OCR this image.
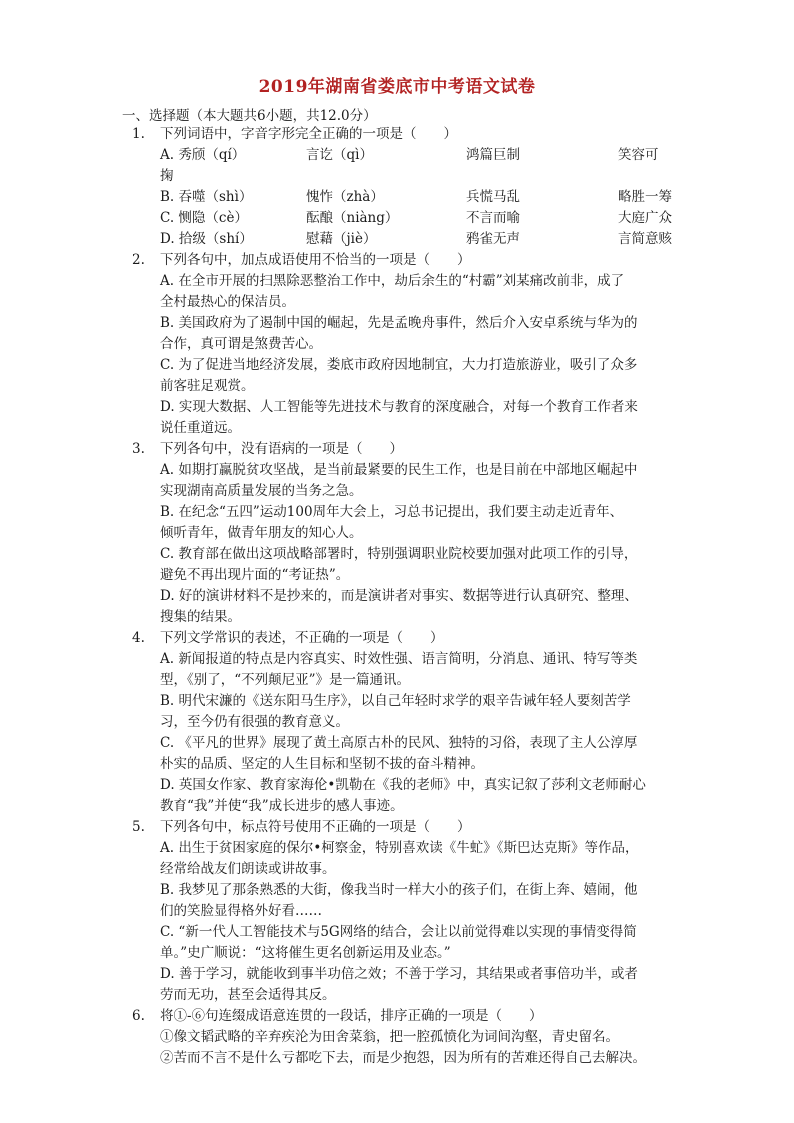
2019年湖南省娄底市中考语文试卷
一、选择题（本大题共6小题，共12.0分）
1.	下列词语中，字音字形完全正确的一项是（　　）
A. 秀颀（qí）	言讫（qì）	鸿篇巨制	笑容可
掬
B. 吞噬（shì）	愧怍（zhà）	兵慌马乱	略胜一筹
C. 恻隐（cè）	酝酿（niàng）	不言而喻	大庭广众
D. 拾级（shí）	慰藉（jiè）	鸦雀无声	言简意赅
2.	下列各句中，加点成语使用不恰当的一项是（　　）
A. 在全市开展的扫黑除恶整治工作中，劫后余生的“村霸”刘某痛改前非，成了
全村最热心的保洁员。
B. 美国政府为了遏制中国的崛起，先是孟晚舟事件，然后介入安卓系统与华为的
合作，真可谓是煞费苦心。
C. 为了促进当地经济发展，娄底市政府因地制宜，大力打造旅游业，吸引了众多
前客驻足观赏。
D. 实现大数据、人工智能等先进技术与教育的深度融合，对每一个教育工作者来
说任重道远。
3.	下列各句中，没有语病的一项是（　　）
A. 如期打赢脱贫攻坚战，是当前最紧要的民生工作，也是目前在中部地区崛起中
实现湖南高质量发展的当务之急。
B. 在纪念“五四”运动100周年大会上，习总书记提出，我们要主动走近青年、
倾听青年，做青年朋友的知心人。
C. 教育部在做出这项战略部署时，特别强调职业院校要加强对此项工作的引导，
避免不再出现片面的“考证热”。
D. 好的演讲材料不是抄来的，而是演讲者对事实、数据等进行认真研究、整理、
搜集的结果。
4.	下列文学常识的表述，不正确的一项是（　　）
A. 新闻报道的特点是内容真实、时效性强、语言简明，分消息、通讯、特写等类
型，《别了，“不列颠尼亚”》是一篇通讯。
B. 明代宋濂的《送东阳马生序》，以自己年轻时求学的艰辛告诫年轻人要刻苦学
习，至今仍有很强的教育意义。
C. 《平凡的世界》展现了黄土高原古朴的民风、独特的习俗，表现了主人公淳厚
朴实的品质、坚定的人生目标和坚韧不拔的奋斗精神。
D. 英国女作家、教育家海伦•凯勒在《我的老师》中，真实记叙了莎利文老师耐心
教育“我”并使“我”成长进步的感人事迹。
5.	下列各句中，标点符号使用不正确的一项是（　　）
A. 出生于贫困家庭的保尔•柯察金，特别喜欢读《牛虻》《斯巴达克斯》等作品，
经常给战友们朗读或讲故事。
B. 我梦见了那条熟悉的大街，像我当时一样大小的孩子们，在街上奔、嬉闹，他
们的笑脸显得格外好看……
C. “新一代人工智能技术与5G网络的结合，会让以前觉得难以实现的事情变得简
单。”史广顺说：“这将催生更名创新运用及业态。”
D. 善于学习，就能收到事半功倍之效；不善于学习，其结果或者事倍功半，或者
劳而无功，甚至会适得其反。
6.	将①-⑥句连缀成语意连贯的一段话，排序正确的一项是（　　）
①像文韬武略的辛弃疾沦为田舍菜翁，把一腔孤愤化为词间沟壑，青史留名。
②苦而不言不是什么亏都吃下去，而是少抱怨，因为所有的苦难还得自己去解决。
